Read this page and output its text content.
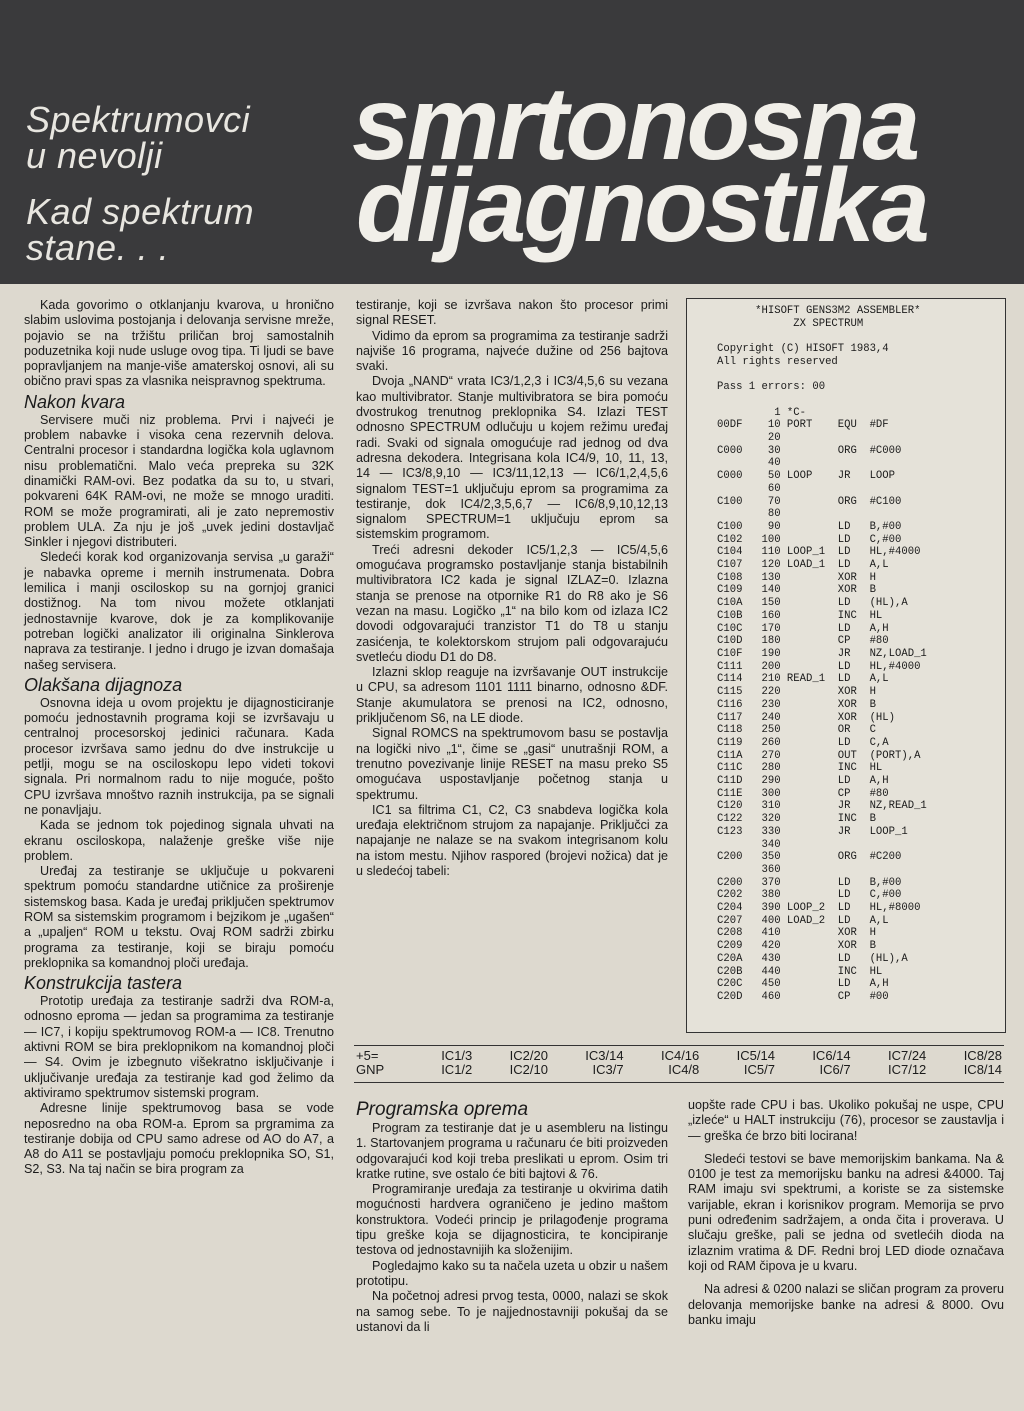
Spektrumovci
u nevolji
Kad spektrum
stane. . .
smrtonosna
dijagnostika

Kada govorimo o otklanjanju kvarova, u hronično slabim uslovima postojanja i delovanja servisne mreže, pojavio se na tržištu priličan broj samostalnih poduzetnika koji nude usluge ovog tipa. Ti ljudi se bave popravljanjem na manje-više amaterskoj osnovi, ali su obično pravi spas za vlasnika neispravnog spektruma.

Nakon kvara

Servisere muči niz problema. Prvi i najveći je problem nabavke i visoka cena rezervnih delova. Centralni procesor i standardna logička kola uglavnom nisu problematični. Malo veća prepreka su 32K dinamički RAM-ovi. Bez podatka da su to, u stvari, pokvareni 64K RAM-ovi, ne može se mnogo uraditi. ROM se može programirati, ali je zato nepremostiv problem ULA. Za nju je još „uvek jedini dostavljač Sinkler i njegovi distributeri.

Sledeći korak kod organizovanja servisa „u garaži“ je nabavka opreme i mernih instrumenata. Dobra lemilica i manji osciloskop su na gornjoj granici dostižnog. Na tom nivou možete otklanjati jednostavnije kvarove, dok je za komplikovanije potreban logički analizator ili originalna Sinklerova naprava za testiranje. I jedno i drugo je izvan domašaja našeg servisera.

Olakšana dijagnoza

Osnovna ideja u ovom projektu je dijagnosticiranje pomoću jednostavnih programa koji se izvršavaju u centralnoj procesorskoj jedinici računara. Kada procesor izvršava samo jednu do dve instrukcije u petlji, mogu se na osciloskopu lepo videti tokovi signala. Pri normalnom radu to nije moguće, pošto CPU izvršava mnoštvo raznih instrukcija, pa se signali ne ponavljaju.

Kada se jednom tok pojedinog signala uhvati na ekranu osciloskopa, nalaženje greške više nije problem.

Uređaj za testiranje se uključuje u pokvareni spektrum pomoću standardne utičnice za proširenje sistemskog basa. Kada je uređaj priključen spektrumov ROM sa sistemskim programom i bejzikom je „ugašen“ a „upaljen“ ROM u tekstu. Ovaj ROM sadrži zbirku programa za testiranje, koji se biraju pomoću preklopnika sa komandnoj ploči uređaja.

Konstrukcija tastera

Prototip uređaja za testiranje sadrži dva ROM-a, odnosno eproma — jedan sa programima za testiranje — IC7, i kopiju spektrumovog ROM-a — IC8. Trenutno aktivni ROM se bira preklopnikom na komandnoj ploči — S4. Ovim je izbegnuto višekratno isključivanje i uključivanje uređaja za testiranje kad god želimo da aktiviramo spektrumov sistemski program.

Adresne linije spektrumovog basa se vode neposredno na oba ROM-a. Eprom sa prgramima za testiranje dobija od CPU samo adrese od AO do A7, a A8 do A11 se postavljaju pomoću preklopnika SO, S1, S2, S3. Na taj način se bira program za

testiranje, koji se izvršava nakon što procesor primi signal RESET.

Vidimo da eprom sa programima za testiranje sadrži najviše 16 programa, najveće dužine od 256 bajtova svaki.

Dvoja „NAND“ vrata IC3/1,2,3 i IC3/4,5,6 su vezana kao multivibrator. Stanje multivibratora se bira pomoću dvostrukog trenutnog preklopnika S4. Izlazi TEST odnosno SPECTRUM odlučuju u kojem režimu uređaj radi. Svaki od signala omogućuje rad jednog od dva adresna dekodera. Integrisana kola IC4/9, 10, 11, 13, 14 — IC3/8,9,10 — IC3/11,12,13 — IC6/1,2,4,5,6 signalom TEST=1 uključuju eprom sa programima za testiranje, dok IC4/2,3,5,6,7 — IC6/8,9,10,12,13 signalom SPECTRUM=1 uključuju eprom sa sistemskim programom.

Treći adresni dekoder IC5/1,2,3 — IC5/4,5,6 omogućava programsko postavljanje stanja bistabilnih multivibratora IC2 kada je signal IZLAZ=0. Izlazna stanja se prenose na otpornike R1 do R8 ako je S6 vezan na masu. Logičko „1“ na bilo kom od izlaza IC2 dovodi odgovarajući tranzistor T1 do T8 u stanju zasićenja, te kolektorskom strujom pali odgovarajuću svetleću diodu D1 do D8.

Izlazni sklop reaguje na izvršavanje OUT instrukcije u CPU, sa adresom 1101 1111 binarno, odnosno &DF. Stanje akumulatora se prenosi na IC2, odnosno, priključenom S6, na LE diode.

Signal ROMCS na spektrumovom basu se postavlja na logički nivo „1“, čime se „gasi“ unutrašnji ROM, a trenutno povezivanje linije RESET na masu preko S5 omogućava uspostavljanje početnog stanja u spektrumu.

IC1 sa filtrima C1, C2, C3 snabdeva logička kola uređaja električnom strujom za napajanje. Priključci za napajanje ne nalaze se na svakom integrisanom kolu na istom mestu. Njihov raspored (brojevi nožica) dat je u sledećoj tabeli:

*HISOFT GENS3M2 ASSEMBLER*
ZX SPECTRUM

Copyright (C) HISOFT 1983,4
All rights reserved

Pass 1 errors: 00

1 *C-
00DF    10 PORT    EQU  #DF
20
C000    30         ORG  #C000
40
C000    50 LOOP    JR   LOOP
60
C100    70         ORG  #C100
80
C100    90         LD   B,#00
C102   100         LD   C,#00
C104   110 LOOP_1  LD   HL,#4000
C107   120 LOAD_1  LD   A,L
C108   130         XOR  H
C109   140         XOR  B
C10A   150         LD   (HL),A
C10B   160         INC  HL
C10C   170         LD   A,H
C10D   180         CP   #80
C10F   190         JR   NZ,LOAD_1
C111   200         LD   HL,#4000
C114   210 READ_1  LD   A,L
C115   220         XOR  H
C116   230         XOR  B
C117   240         XOR  (HL)
C118   250         OR   C
C119   260         LD   C,A
C11A   270         OUT  (PORT),A
C11C   280         INC  HL
C11D   290         LD   A,H
C11E   300         CP   #80
C120   310         JR   NZ,READ_1
C122   320         INC  B
C123   330         JR   LOOP_1
340
C200   350         ORG  #C200
360
C200   370         LD   B,#00
C202   380         LD   C,#00
C204   390 LOOP_2  LD   HL,#8000
C207   400 LOAD_2  LD   A,L
C208   410         XOR  H
C209   420         XOR  B
C20A   430         LD   (HL),A
C20B   440         INC  HL
C20C   450         LD   A,H
C20D   460         CP   #00
+5=	IC1/3	IC2/20	IC3/14	IC4/16	IC5/14	IC6/14	IC7/24	IC8/28
GNP	IC1/2	IC2/10	IC3/7	IC4/8	IC5/7	IC6/7	IC7/12	IC8/14
Programska oprema

Program za testiranje dat je u asembleru na listingu 1. Startovanjem programa u računaru će biti proizveden odgovarajući kod koji treba preslikati u eprom. Osim tri kratke rutine, sve ostalo će biti bajtovi & 76.

Programiranje uređaja za testiranje u okvirima datih mogućnosti hardvera ograničeno je jedino maštom konstruktora. Vodeći princip je prilagođenje programa tipu greške koja se dijagnosticira, te koncipiranje testova od jednostavnijih ka složenijim.

Pogledajmo kako su ta načela uzeta u obzir u našem prototipu.

Na početnoj adresi prvog testa, 0000, nalazi se skok na samog sebe. To je najjednostavniji pokušaj da se ustanovi da li

uopšte rade CPU i bas. Ukoliko pokušaj ne uspe, CPU „izleće“ u HALT instrukciju (76), procesor se zaustavlja i — greška će brzo biti locirana!

Sledeći testovi se bave memorijskim bankama. Na & 0100 je test za memorijsku banku na adresi &4000. Taj RAM imaju svi spektrumi, a koriste se za sistemske varijable, ekran i korisnikov program. Memorija se prvo puni određenim sadržajem, a onda čita i proverava. U slučaju greške, pali se jedna od svetlećih dioda na izlaznim vratima & DF. Redni broj LED diode označava koji od RAM čipova je u kvaru.

Na adresi & 0200 nalazi se sličan program za proveru delovanja memorijske banke na adresi & 8000. Ovu banku imaju
